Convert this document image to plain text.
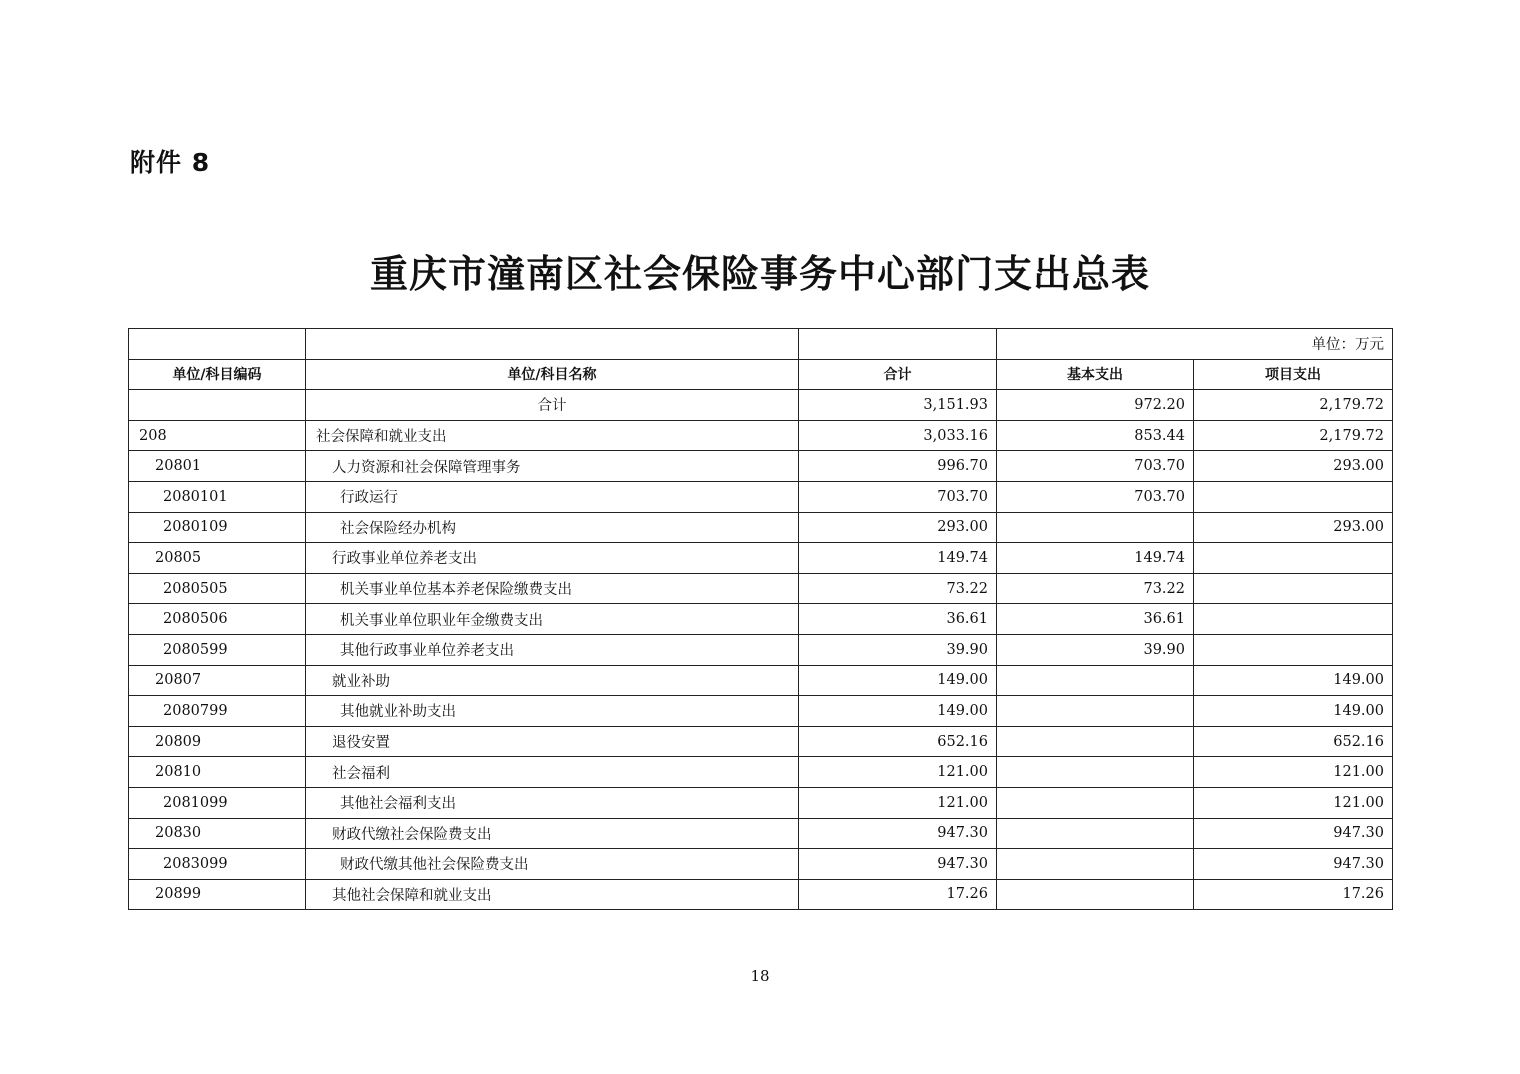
附件 8
重庆市潼南区社会保险事务中心部门支出总表
			单位：万元	
单位/科目编码	单位/科目名称	合计	基本支出	项目支出
	合计	3,151.93	972.20	2,179.72
208	社会保障和就业支出	3,033.16	853.44	2,179.72
20801	人力资源和社会保障管理事务	996.70	703.70	293.00
2080101	行政运行	703.70	703.70	
2080109	社会保险经办机构	293.00		293.00
20805	行政事业单位养老支出	149.74	149.74	
2080505	机关事业单位基本养老保险缴费支出	73.22	73.22	
2080506	机关事业单位职业年金缴费支出	36.61	36.61	
2080599	其他行政事业单位养老支出	39.90	39.90	
20807	就业补助	149.00		149.00
2080799	其他就业补助支出	149.00		149.00
20809	退役安置	652.16		652.16
20810	社会福利	121.00		121.00
2081099	其他社会福利支出	121.00		121.00
20830	财政代缴社会保险费支出	947.30		947.30
2083099	财政代缴其他社会保险费支出	947.30		947.30
20899	其他社会保障和就业支出	17.26		17.26
18
